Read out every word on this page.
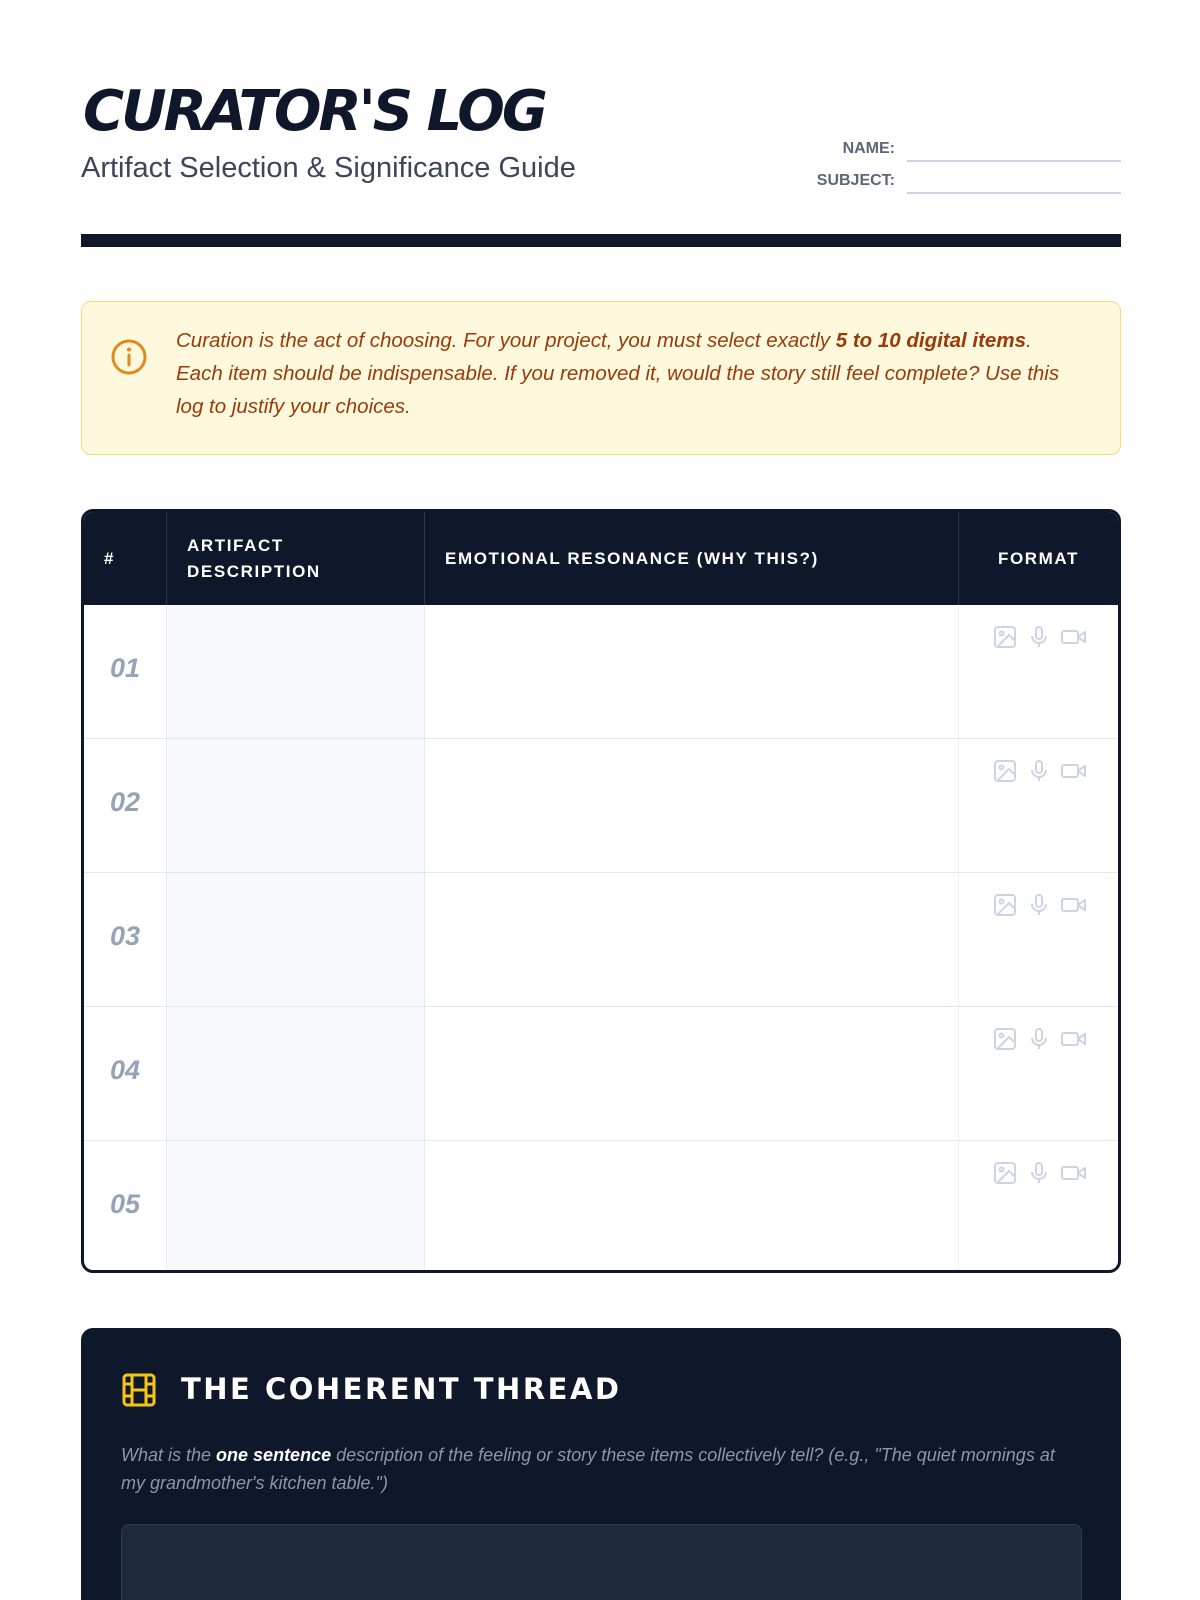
CURATOR'S LOG
Artifact Selection & Significance Guide
NAME:
SUBJECT:
Curation is the act of choosing. For your project, you must select exactly 5 to 10 digital items. Each item should be indispensable. If you removed it, would the story still feel complete? Use this log to justify your choices.
#
ARTIFACT DESCRIPTION
EMOTIONAL RESONANCE (WHY THIS?)	FORMAT
01
02
03
04
05
THE COHERENT THREAD
What is the one sentence description of the feeling or story these items collectively tell? (e.g., "The quiet mornings at my grandmother's kitchen table.")
